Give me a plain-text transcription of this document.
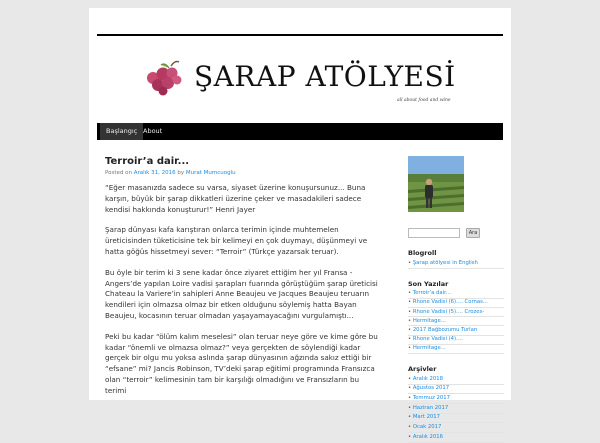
ŞARAP ATÖLYESİ
all about food and wine
Başlangıç About
Terroir’a dair...
Posted on Aralık 31, 2016 by Murat Mumcuoglu

“Eğer masanızda sadece su varsa, siyaset üzerine konuşursunuz... Buna karşın, büyük bir şarap dikkatleri üzerine çeker ve masadakileri sadece kendisi hakkında konuşturur!” Henri Jayer

Şarap dünyası kafa karıştıran onlarca terimin içinde muhtemelen üreticisinden tüketicisine tek bir kelimeyi en çok duymayı, düşünmeyi ve hatta göğüs hissetmeyi sever: “Terroir” (Türkçe yazarsak teruar).

Bu öyle bir terim ki 3 sene kadar önce ziyaret ettiğim her yıl Fransa - Angers’de yapılan Loire vadisi şarapları fuarında görüştüğüm şarap üreticisi Chateau la Variere’in sahipleri Anne Beaujeu ve Jacques Beaujeu teruarın kendileri için olmazsa olmaz bir etken olduğunu söylemiş hatta Bayan Beaujeu, kocasının teruar olmadan yaşayamayacağını vurgulamıştı...

Peki bu kadar “ölüm kalım meselesi” olan teruar neye göre ve kime göre bu kadar “önemli ve olmazsa olmaz?” veya gerçekten de söylendiği kadar gerçek bir olgu mu yoksa aslında şarap dünyasının ağzında sakız ettiği bir “efsane” mi? Jancis Robinson, TV’deki şarap eğitimi programında Fransızca olan “terroir” kelimesinin tam bir karşılığı olmadığını ve Fransızların bu terimi

Ara
Blogroll
• Şarap atölyesi in English
Son Yazılar
• Terroir’a dair...
• Rhone Vadisi (6).... Cornas...
• Rhone Vadisi (5).... Crozes-
• Hermitage...
• 2017 Bağbozumu Turları
• Rhone Vadisi (4)....
• Hermitage...
Arşivler
• Aralık 2018
• Ağustos 2017
• Temmuz 2017
• Haziran 2017
• Mart 2017
• Ocak 2017
• Aralık 2016
